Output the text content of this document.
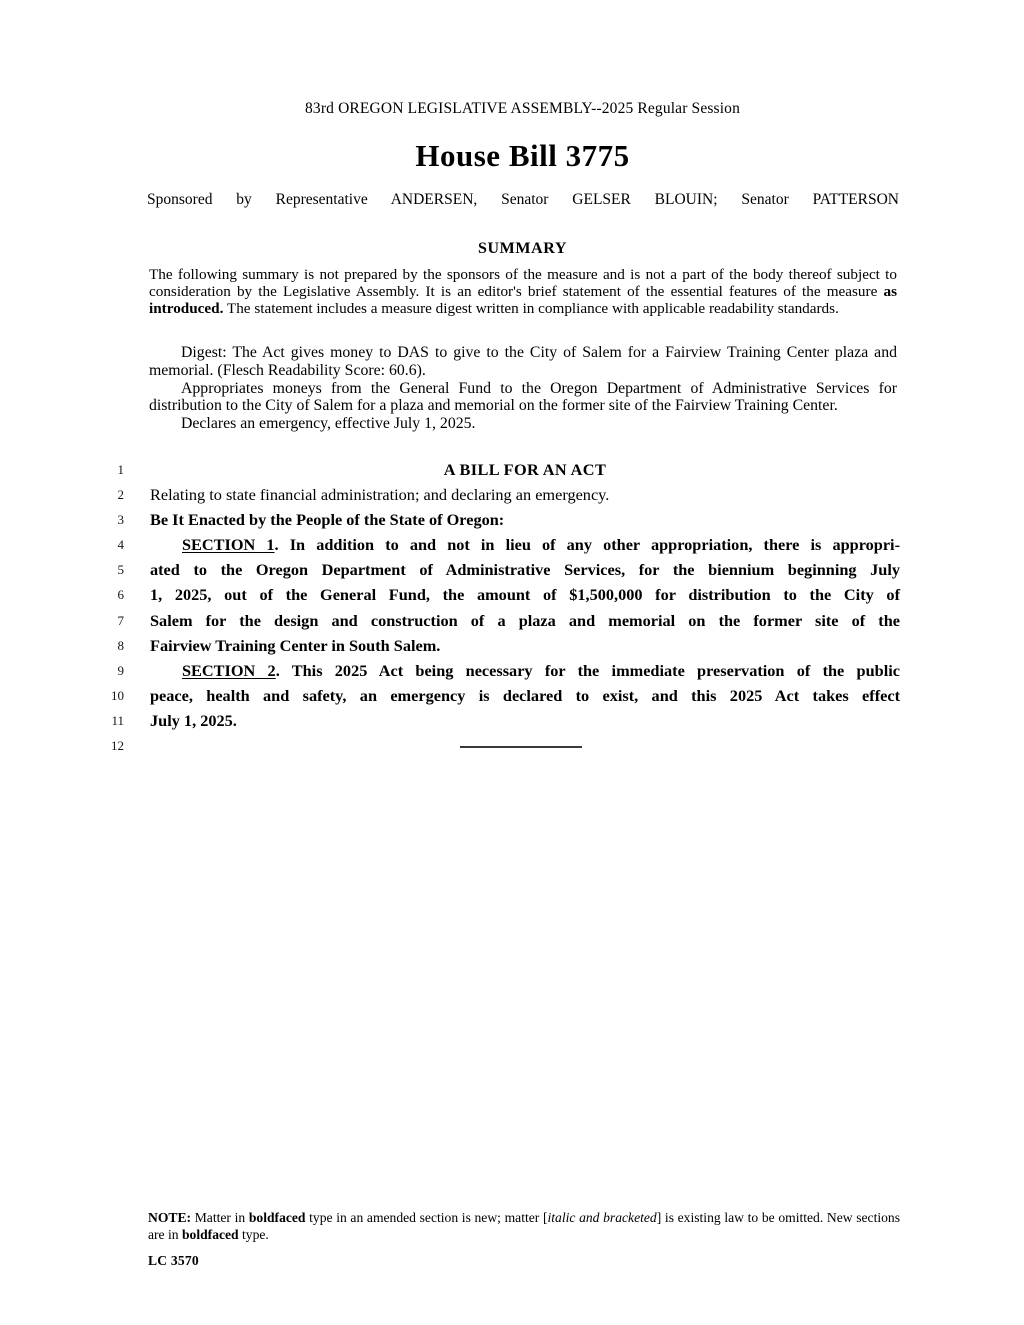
83rd OREGON LEGISLATIVE ASSEMBLY--2025 Regular Session
House Bill 3775
Sponsored by Representative ANDERSEN, Senator GELSER BLOUIN; Senator PATTERSON
SUMMARY
The following summary is not prepared by the sponsors of the measure and is not a part of the body thereof subject to consideration by the Legislative Assembly. It is an editor's brief statement of the essential features of the measure as introduced. The statement includes a measure digest written in compliance with applicable readability standards.

Digest: The Act gives money to DAS to give to the City of Salem for a Fairview Training Center plaza and memorial. (Flesch Readability Score: 60.6).

Appropriates moneys from the General Fund to the Oregon Department of Administrative Services for distribution to the City of Salem for a plaza and memorial on the former site of the Fairview Training Center.

Declares an emergency, effective July 1, 2025.

1	A BILL FOR AN ACT
2 Relating to state financial administration; and declaring an emergency.
3 Be It Enacted by the People of the State of Oregon:
4	SECTION 1. In addition to and not in lieu of any other appropriation, there is appropri-
5 ated to the Oregon Department of Administrative Services, for the biennium beginning July
6 1, 2025, out of the General Fund, the amount of $1,500,000 for distribution to the City of
7 Salem for the design and construction of a plaza and memorial on the former site of the
8 Fairview Training Center in South Salem.
9	SECTION 2. This 2025 Act being necessary for the immediate preservation of the public
10 peace, health and safety, an emergency is declared to exist, and this 2025 Act takes effect
11 July 1, 2025.
12
NOTE: Matter in boldfaced type in an amended section is new; matter [italic and bracketed] is existing law to be omitted. New sections are in boldfaced type.
LC 3570
